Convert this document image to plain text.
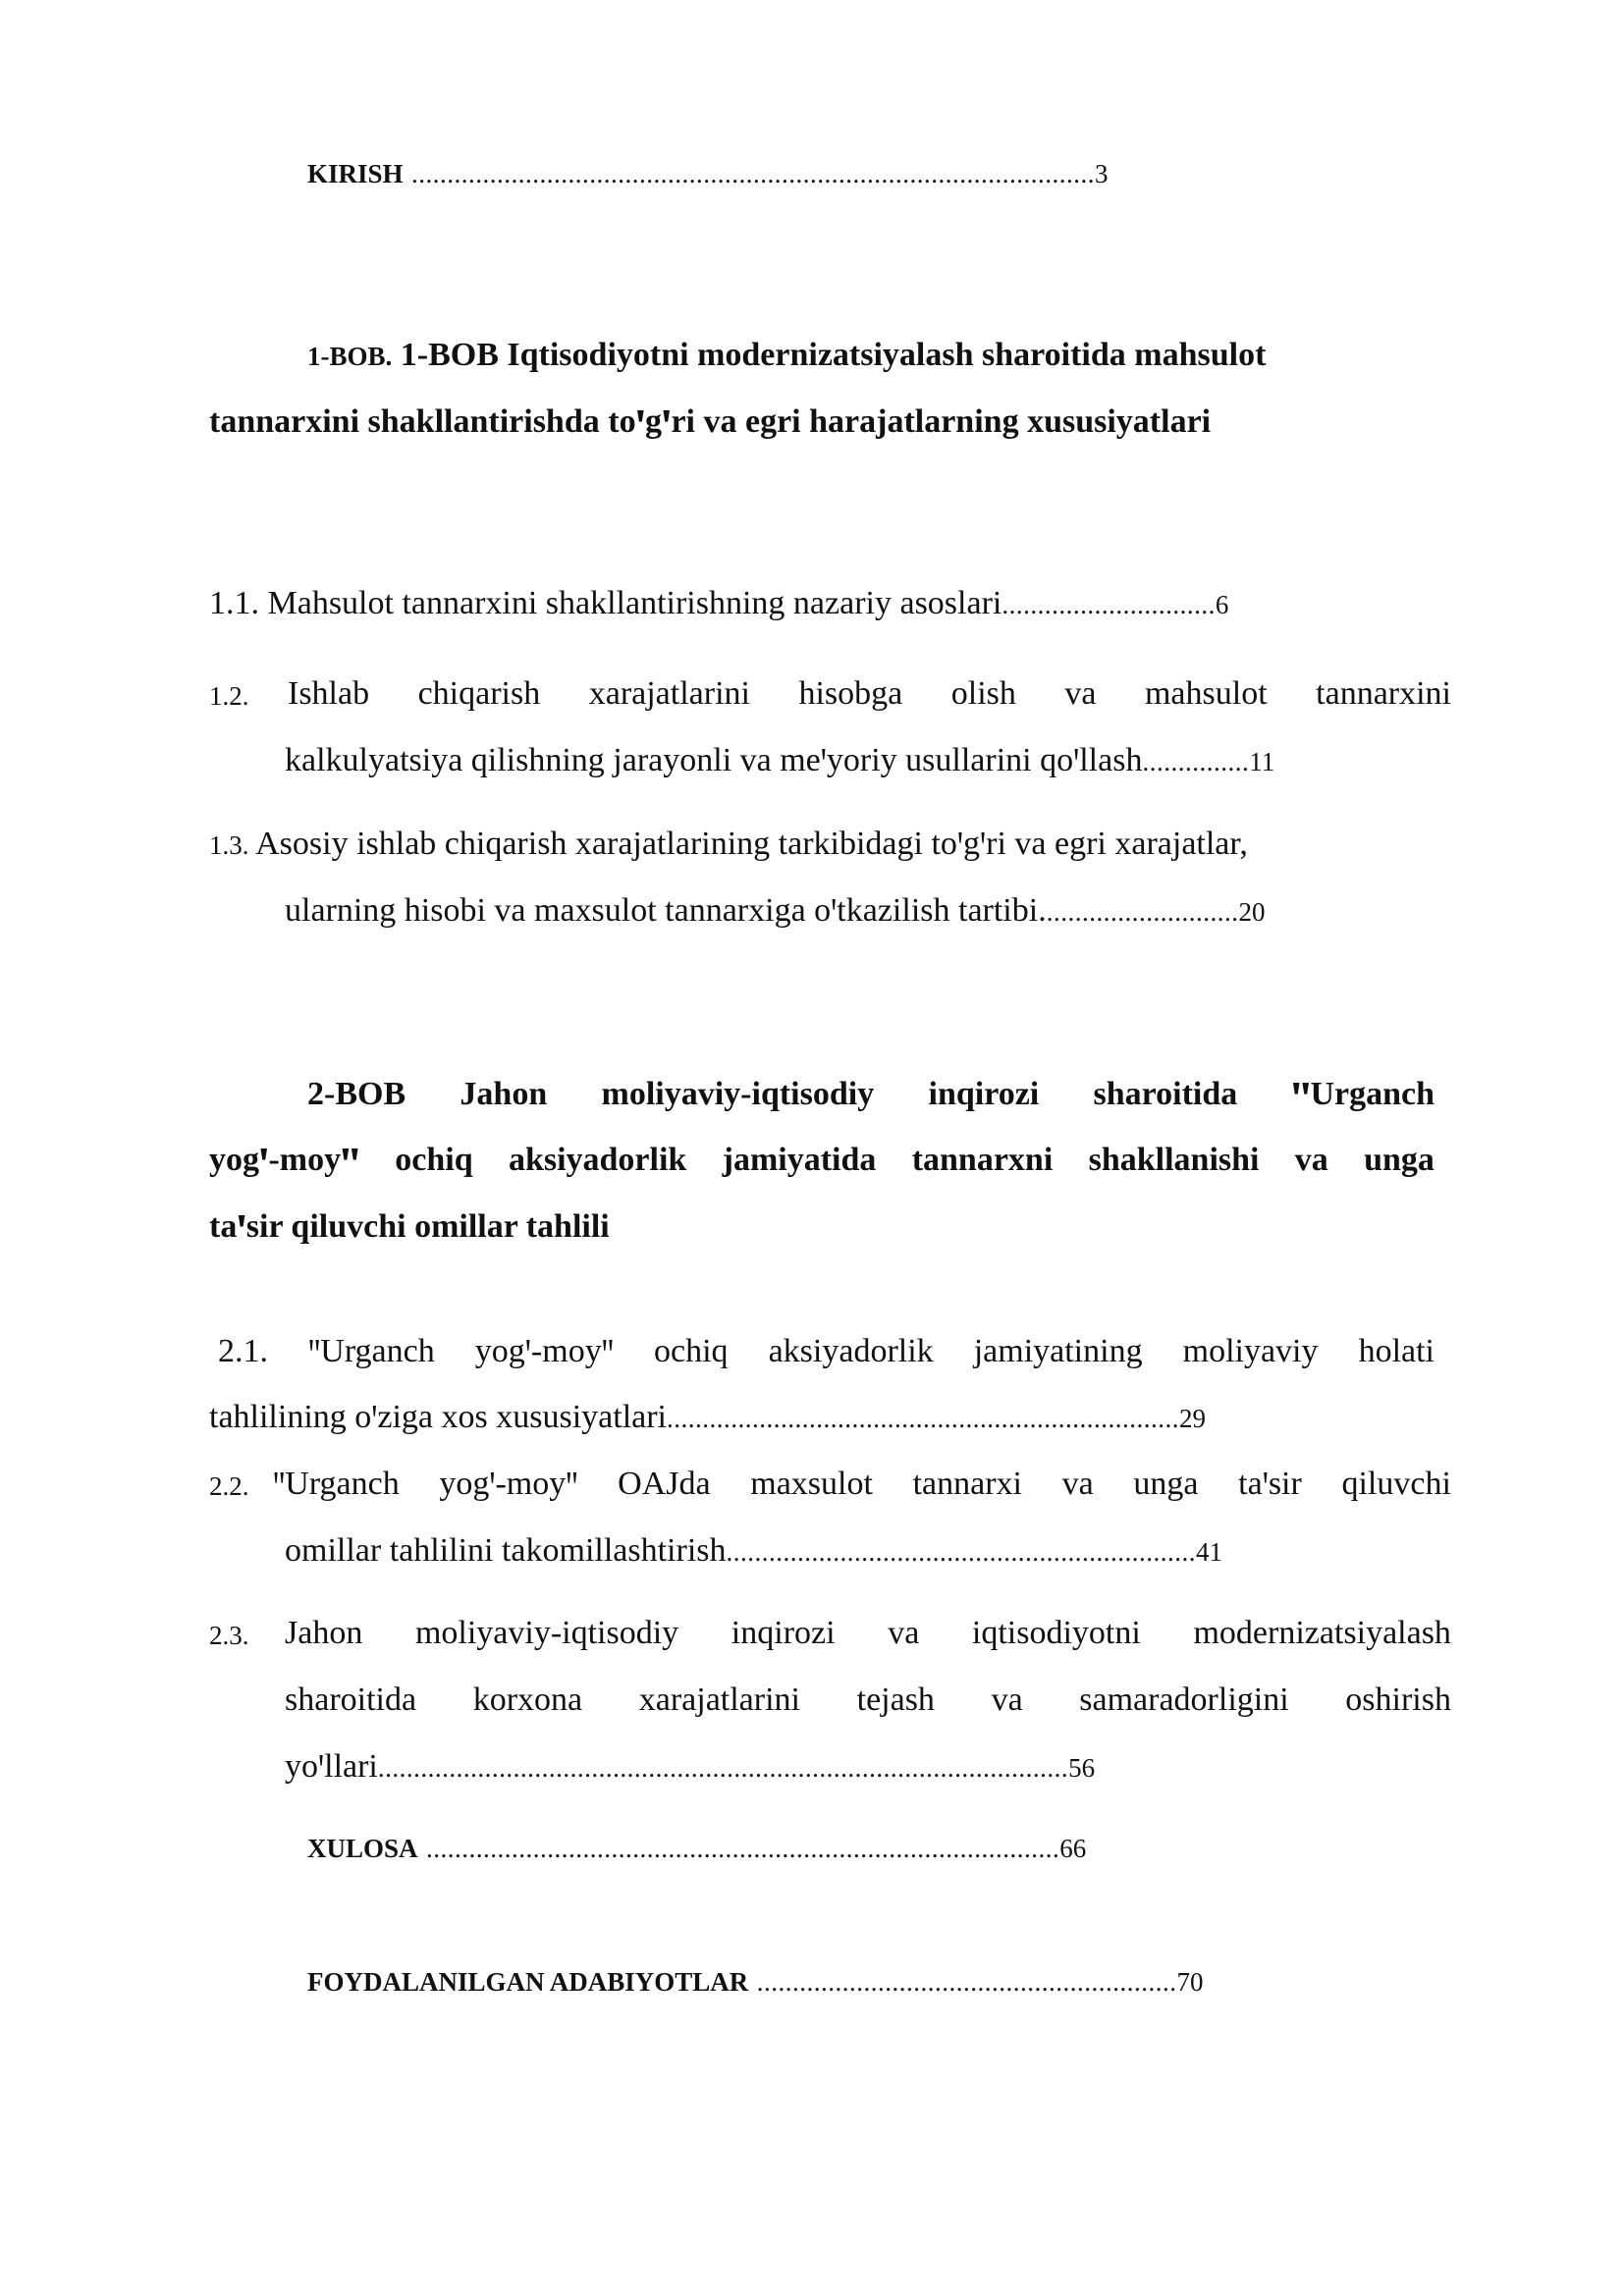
KIRISH ................................................................................................3
1-BOB. 1-BOB Iqtisodiyotni modernizatsiyalash sharoitida mahsulot
tannarxini shakllantirishda toꞌgꞌri va egri harajatlarning xususiyatlari
1.1. Mahsulot tannarxini shakllantirishning nazariy asoslari..............................6
1.2. Ishlab chiqarish xarajatlarini hisobga olish va mahsulot tannarxini
kalkulyatsiya qilishning jarayonli va meꞌyoriy usullarini qoꞌllash...............11
1.3. Asosiy ishlab chiqarish xarajatlarining tarkibidagi toꞌgꞌri va egri xarajatlar,
ularning hisobi va maxsulot tannarxiga oꞌtkazilish tartibi............................20
2-BOB Jahon moliyaviy-iqtisodiy inqirozi sharoitida ꞌꞌUrganch
yogꞌ-moyꞌꞌ ochiq aksiyadorlik jamiyatida tannarxni shakllanishi va unga
taꞌsir qiluvchi omillar tahlili
2.1. ꞌꞌUrganch yogꞌ-moyꞌꞌ ochiq aksiyadorlik jamiyatining moliyaviy holati
tahlilining oꞌziga xos xususiyatlari........................................................................29
2.2. ꞌꞌUrganch yogꞌ-moyꞌꞌ OAJda maxsulot tannarxi va unga taꞌsir qiluvchi
omillar tahlilini takomillashtirish..................................................................41
2.3. Jahon moliyaviy-iqtisodiy inqirozi va iqtisodiyotni modernizatsiyalash
sharoitida korxona xarajatlarini tejash va samaradorligini oshirish
yoꞌllari.................................................................................................56
XULOSA .........................................................................................66
FOYDALANILGAN ADABIYOTLAR ...........................................................70
